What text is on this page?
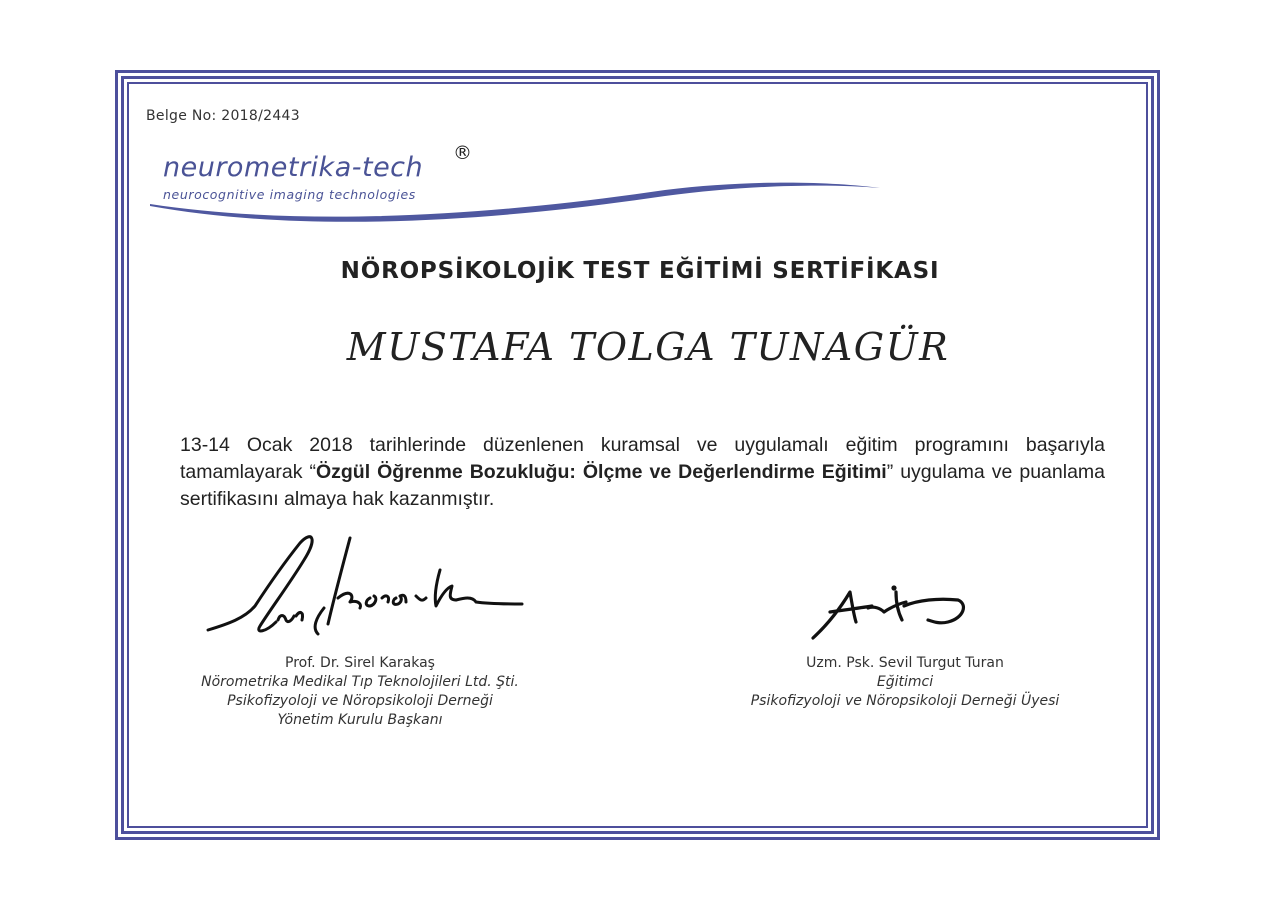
Belge No: 2018/2443
neurometrika-tech ®
neurocognitive imaging technologies
NÖROPSİKOLOJİK TEST EĞİTİMİ SERTİFİKASI
MUSTAFA TOLGA TUNAGÜR
13-14 Ocak 2018 tarihlerinde düzenlenen kuramsal ve uygulamalı eğitim programını başarıyla tamamlayarak “Özgül Öğrenme Bozukluğu: Ölçme ve Değerlendirme Eğitimi” uygulama ve puanlama sertifikasını almaya hak kazanmıştır.
Prof. Dr. Sirel Karakaş
Nörometrika Medikal Tıp Teknolojileri Ltd. Şti.
Psikofizyoloji ve Nöropsikoloji Derneği
Yönetim Kurulu Başkanı
Uzm. Psk. Sevil Turgut Turan
Eğitimci
Psikofizyoloji ve Nöropsikoloji Derneği Üyesi
